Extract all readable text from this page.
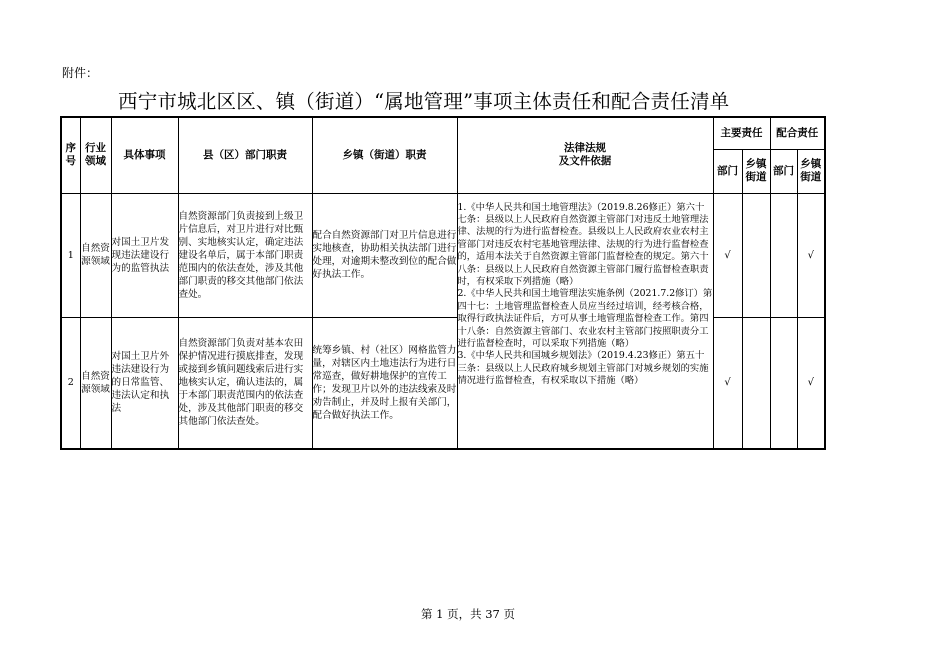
附件：
西宁市城北区区、镇（街道）“属地管理”事项主体责任和配合责任清单
序号	行业领域	具体事项	县（区）部门职责	乡镇（街道）职责	法律法规
及文件依据	主要责任		配合责任	
						部门	乡镇
街道	部门	乡镇
街道
1	自然资源领域	对国土卫片发现违法建设行为的监管执法	自然资源部门负责接到上级卫片信息后，对卫片进行对比甄别、实地核实认定，确定违法建设名单后，属于本部门职责范围内的依法查处，涉及其他部门职责的移交其他部门依法查处。	配合自然资源部门对卫片信息进行实地核查，协助相关执法部门进行处理，对逾期未整改到位的配合做好执法工作。	1.《中华人民共和国土地管理法》（2019.8.26修正）第六十七条：县级以上人民政府自然资源主管部门对违反土地管理法律、法规的行为进行监督检查。县级以上人民政府农业农村主管部门对违反农村宅基地管理法律、法规的行为进行监督检查的，适用本法关于自然资源主管部门监督检查的规定。第六十八条：县级以上人民政府自然资源主管部门履行监督检查职责时，有权采取下列措施（略）
2.《中华人民共和国土地管理法实施条例（2021.7.2修订）第四十七：土地管理监督检查人员应当经过培训，经考核合格，取得行政执法证件后，方可从事土地管理监督检查工作。第四十八条：自然资源主管部门、农业农村主管部门按照职责分工进行监督检查时，可以采取下列措施（略）
3.《中华人民共和国城乡规划法》（2019.4.23修正）第五十三条：县级以上人民政府城乡规划主管部门对城乡规划的实施情况进行监督检查，有权采取以下措施（略）	√			√
2	自然资源领域	对国土卫片外违法建设行为的日常监管、违法认定和执法	自然资源部门负责对基本农田保护情况进行摸底排查，发现或接到乡镇问题线索后进行实地核实认定，确认违法的，属于本部门职责范围内的依法查处，涉及其他部门职责的移交其他部门依法查处。	统筹乡镇、村（社区）网格监管力量，对辖区内土地违法行为进行日常巡查，做好耕地保护的宣传工作；发现卫片以外的违法线索及时劝告制止，并及时上报有关部门，配合做好执法工作。		√			√
第 1 页，共 37 页
